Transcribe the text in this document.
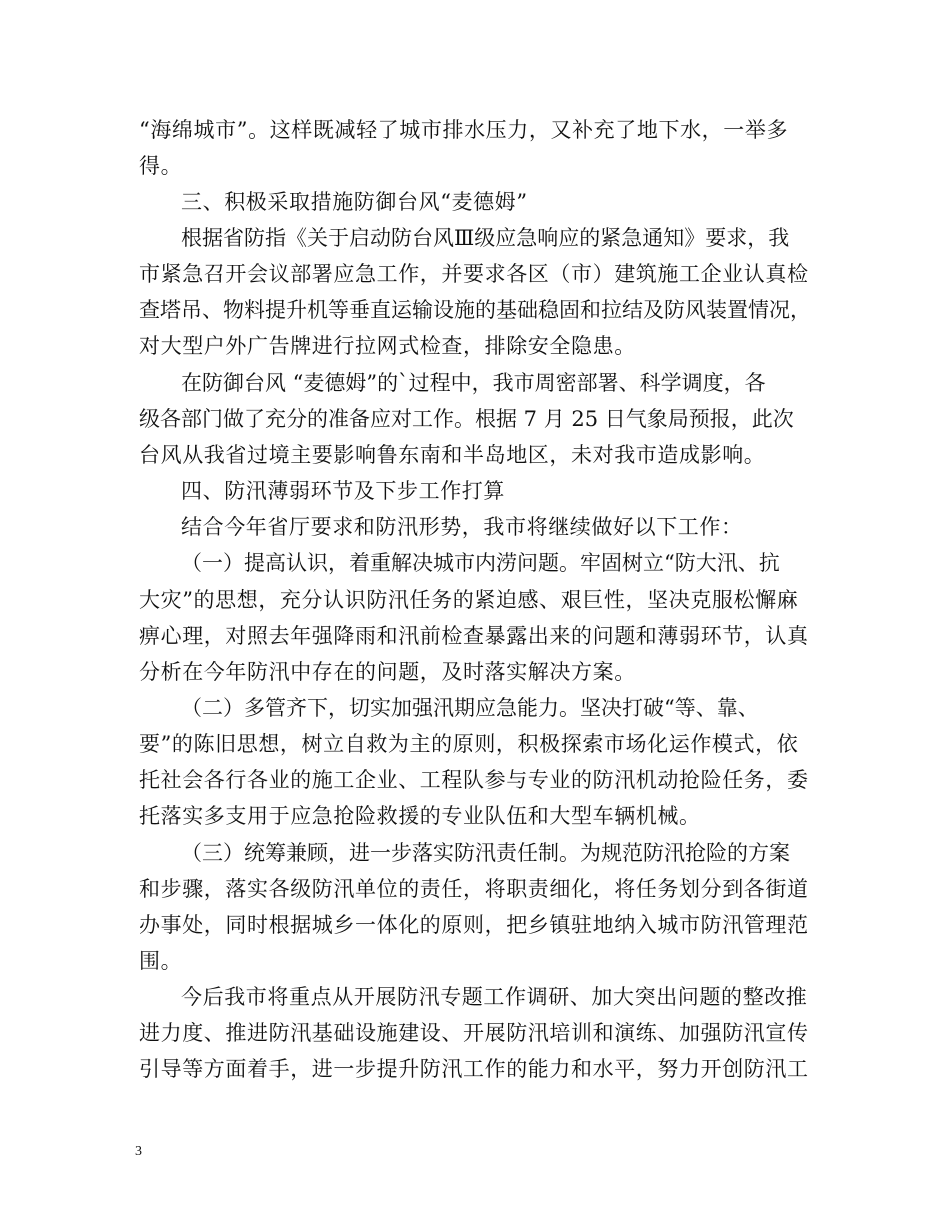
“海绵城市”。这样既减轻了城市排水压力，又补充了地下水，一举多
得。
三、积极采取措施防御台风“麦德姆”
根据省防指《关于启动防台风Ⅲ级应急响应的紧急通知》要求，我
市紧急召开会议部署应急工作，并要求各区（市）建筑施工企业认真检
查塔吊、物料提升机等垂直运输设施的基础稳固和拉结及防风装置情况，
对大型户外广告牌进行拉网式检查，排除安全隐患。
在防御台风 “麦德姆”的`过程中，我市周密部署、科学调度，各
级各部门做了充分的准备应对工作。根据 7 月 25 日气象局预报，此次
台风从我省过境主要影响鲁东南和半岛地区，未对我市造成影响。
四、防汛薄弱环节及下步工作打算
结合今年省厅要求和防汛形势，我市将继续做好以下工作：
（一）提高认识，着重解决城市内涝问题。牢固树立“防大汛、抗
大灾”的思想，充分认识防汛任务的紧迫感、艰巨性，坚决克服松懈麻
痹心理，对照去年强降雨和汛前检查暴露出来的问题和薄弱环节，认真
分析在今年防汛中存在的问题，及时落实解决方案。
（二）多管齐下，切实加强汛期应急能力。坚决打破“等、靠、
要”的陈旧思想，树立自救为主的原则，积极探索市场化运作模式，依
托社会各行各业的施工企业、工程队参与专业的防汛机动抢险任务，委
托落实多支用于应急抢险救援的专业队伍和大型车辆机械。
（三）统筹兼顾，进一步落实防汛责任制。为规范防汛抢险的方案
和步骤，落实各级防汛单位的责任，将职责细化，将任务划分到各街道
办事处，同时根据城乡一体化的原则，把乡镇驻地纳入城市防汛管理范
围。
今后我市将重点从开展防汛专题工作调研、加大突出问题的整改推
进力度、推进防汛基础设施建设、开展防汛培训和演练、加强防汛宣传
引导等方面着手，进一步提升防汛工作的能力和水平，努力开创防汛工
3
